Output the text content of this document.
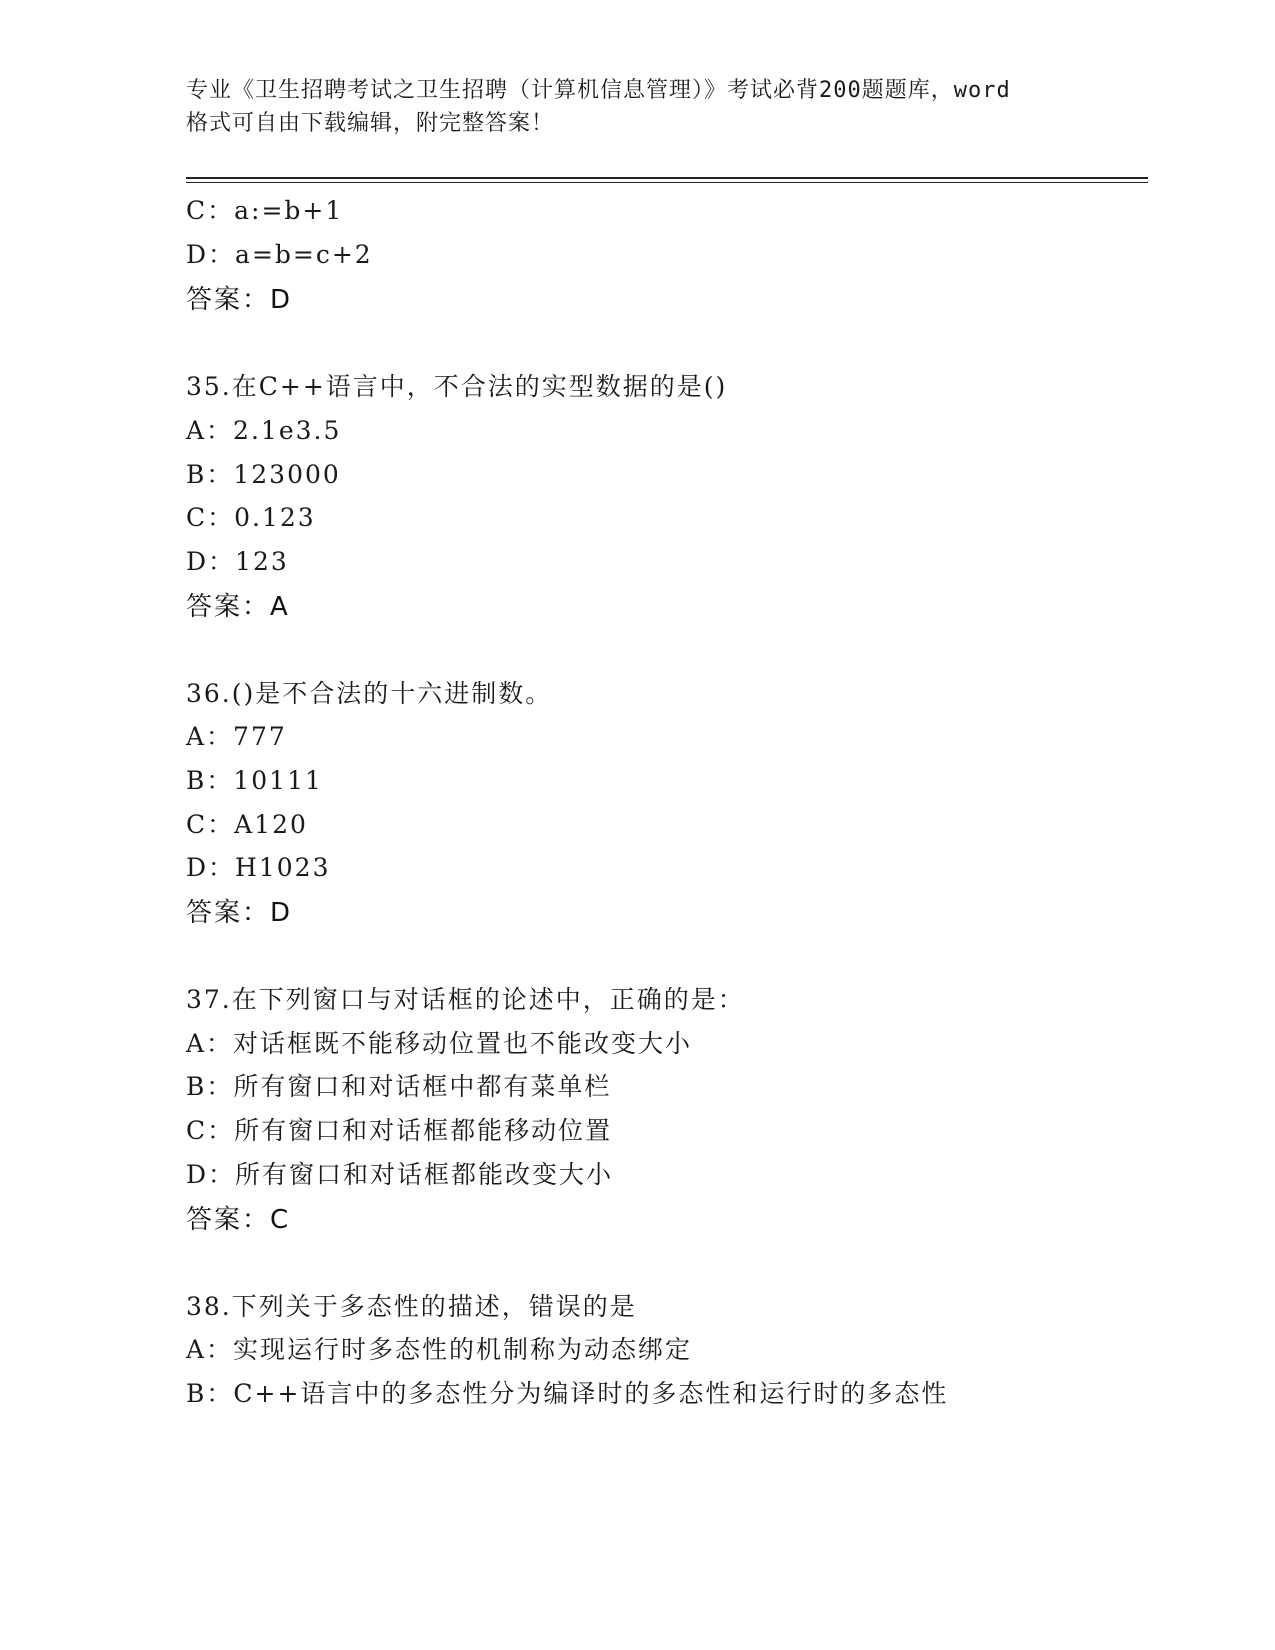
专业《卫生招聘考试之卫生招聘（计算机信息管理）》考试必背200题题库，word
格式可自由下载编辑，附完整答案！
C：a:=b+1
D：a=b=c+2
答案：D
35.在C++语言中，不合法的实型数据的是()
A：2.1e3.5
B：123000
C：0.123
D：123
答案：A
36.()是不合法的十六进制数。
A：777
B：10111
C：A120
D：H1023
答案：D
37.在下列窗口与对话框的论述中，正确的是：
A：对话框既不能移动位置也不能改变大小
B：所有窗口和对话框中都有菜单栏
C：所有窗口和对话框都能移动位置
D：所有窗口和对话框都能改变大小
答案：C
38.下列关于多态性的描述，错误的是
A：实现运行时多态性的机制称为动态绑定
B：C++语言中的多态性分为编译时的多态性和运行时的多态性
